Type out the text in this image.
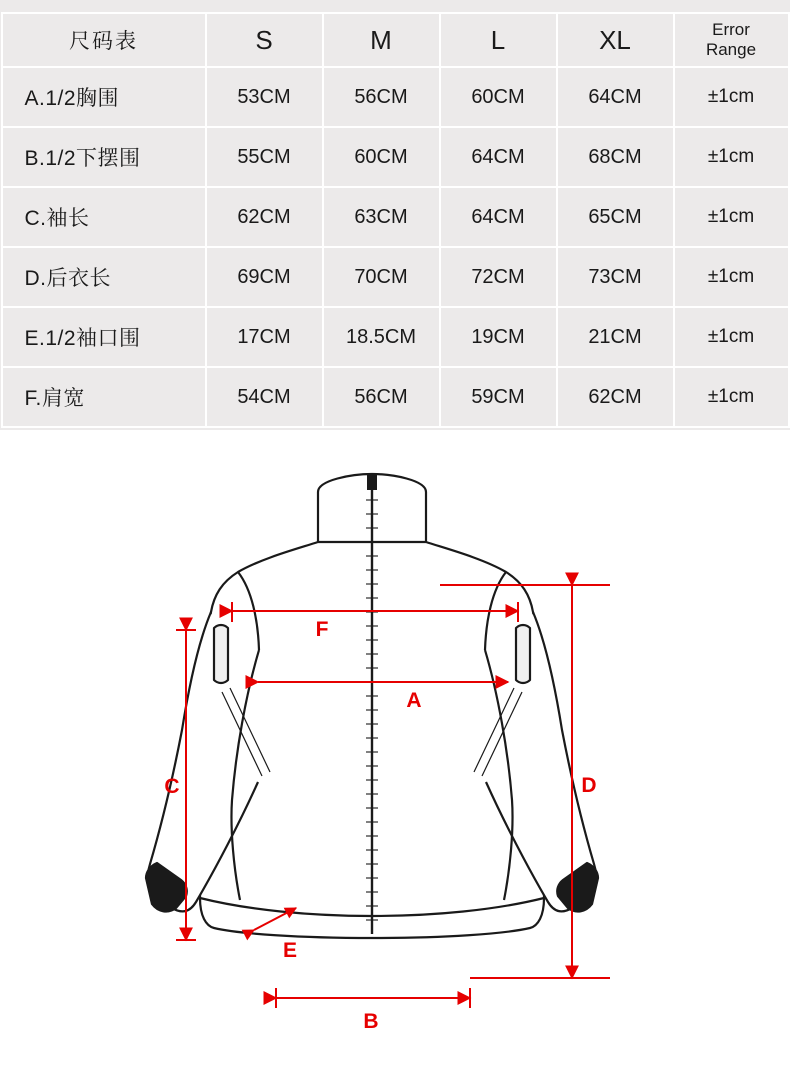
尺码表	S	M	L	XL	Error
Range

A.1/2胸围	53CM	56CM	60CM	64CM	±1cm
B.1/2下摆围	55CM	60CM	64CM	68CM	±1cm
C.袖长	62CM	63CM	64CM	65CM	±1cm
D.后衣长	69CM	70CM	72CM	73CM	±1cm
E.1/2袖口围	17CM	18.5CM	19CM	21CM	±1cm
F.肩宽	54CM	56CM	59CM	62CM	±1cm
F
A
C	D
E
B
